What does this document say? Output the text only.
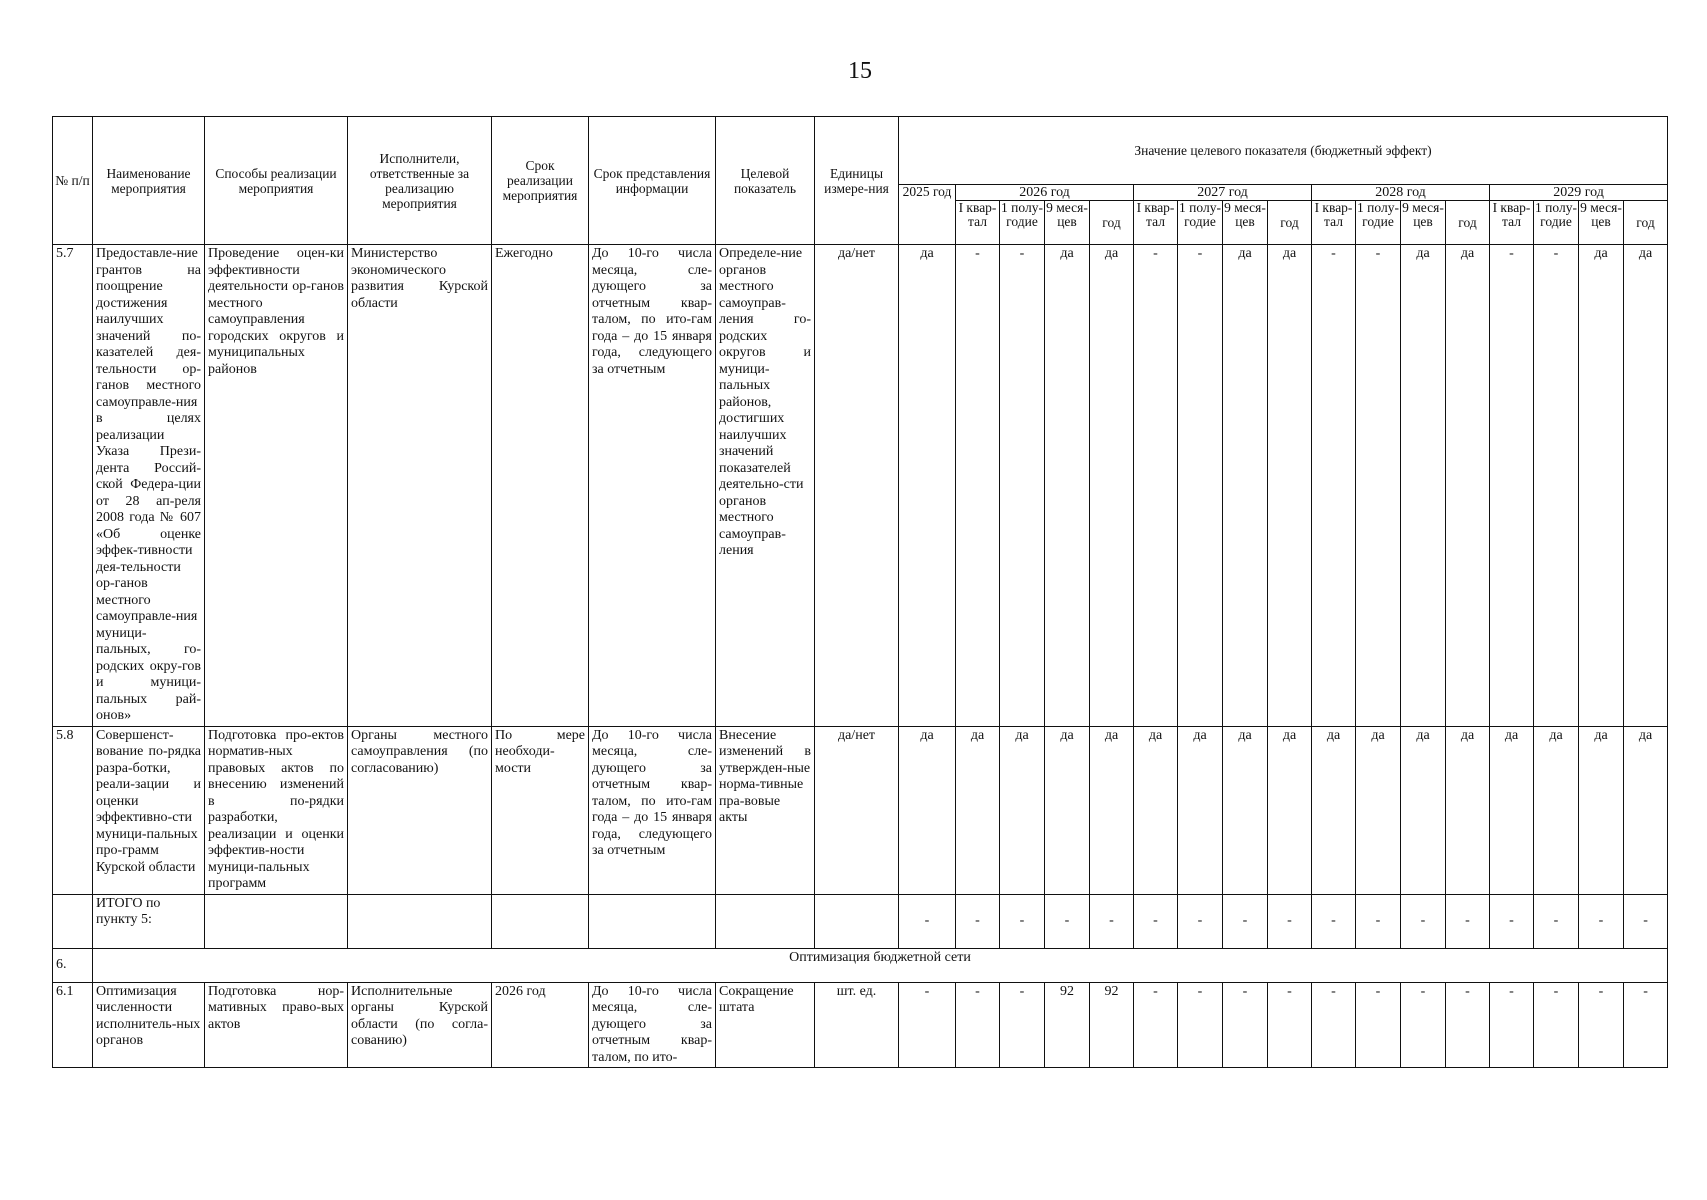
15
№ п/п	Наименование мероприятия	Способы реализации мероприятия	Исполнители, ответственные за реализацию мероприятия	Срок реализации мероприятия	Срок представления информации	Целевой показатель	Единицы измере-ния	Значение целевого показателя (бюджетный эффект)																
								2025 год	2026 год				2027 год				2028 год				2029 год			
									I квар-тал	1 полу-годие	9 меся-цев	год	I квар-тал	1 полу-годие	9 меся-цев	год	I квар-тал	1 полу-годие	9 меся-цев	год	I квар-тал	1 полу-годие	9 меся-цев	год
5.7	Предоставле-ние грантов на поощрение достижения наилучших значений по-казателей дея-тельности ор-ганов местного самоуправле-ния в целях реализации Указа Прези-дента Россий-ской Федера-ции от 28 ап-реля 2008 года № 607 «Об оценке эффек-тивности дея-тельности ор-ганов местного самоуправле-ния муници-пальных, го-родских окру-гов и муници-пальных рай-онов»	Проведение оцен-ки эффективности деятельности ор-ганов местного самоуправления городских округов и муниципальных районов	Министерство экономического развития Курской области	Ежегодно	До 10-го числа месяца, сле-дующего за отчетным квар-талом, по ито-гам года – до 15 января года, следующего за отчетным	Определе-ние органов местного самоуправ-ления го-родских округов и муници-пальных районов, достигших наилучших значений показателей деятельно-сти органов местного самоуправ-ления	да/нет	да	-	-	да	да	-	-	да	да	-	-	да	да	-	-	да	да
5.8	Совершенст-вование по-рядка разра-ботки, реали-зации и оценки эффективно-сти муници-пальных про-грамм Курской области	Подготовка про-ектов норматив-ных правовых актов по внесению изменений в по-рядки разработки, реализации и оценки эффектив-ности муници-пальных программ	Органы местного самоуправления (по согласованию)	По мере необходи-мости	До 10-го числа месяца, сле-дующего за отчетным квар-талом, по ито-гам года – до 15 января года, следующего за отчетным	Внесение изменений в утвержден-ные норма-тивные пра-вовые акты	да/нет	да	да	да	да	да	да	да	да	да	да	да	да	да	да	да	да	да
	ИТОГО по пункту 5:							-	-	-	-	-	-	-	-	-	-	-	-	-	-	-	-	-
6.	Оптимизация бюджетной сети																							
6.1	Оптимизация численности исполнитель-ных органов	Подготовка нор-мативных право-вых актов	Исполнительные органы Курской области (по согла-сованию)	2026 год	До 10-го числа месяца, сле-дующего за отчетным квар-талом, по ито-	Сокращение штата	шт. ед.	-	-	-	92	92	-	-	-	-	-	-	-	-	-	-	-	-
